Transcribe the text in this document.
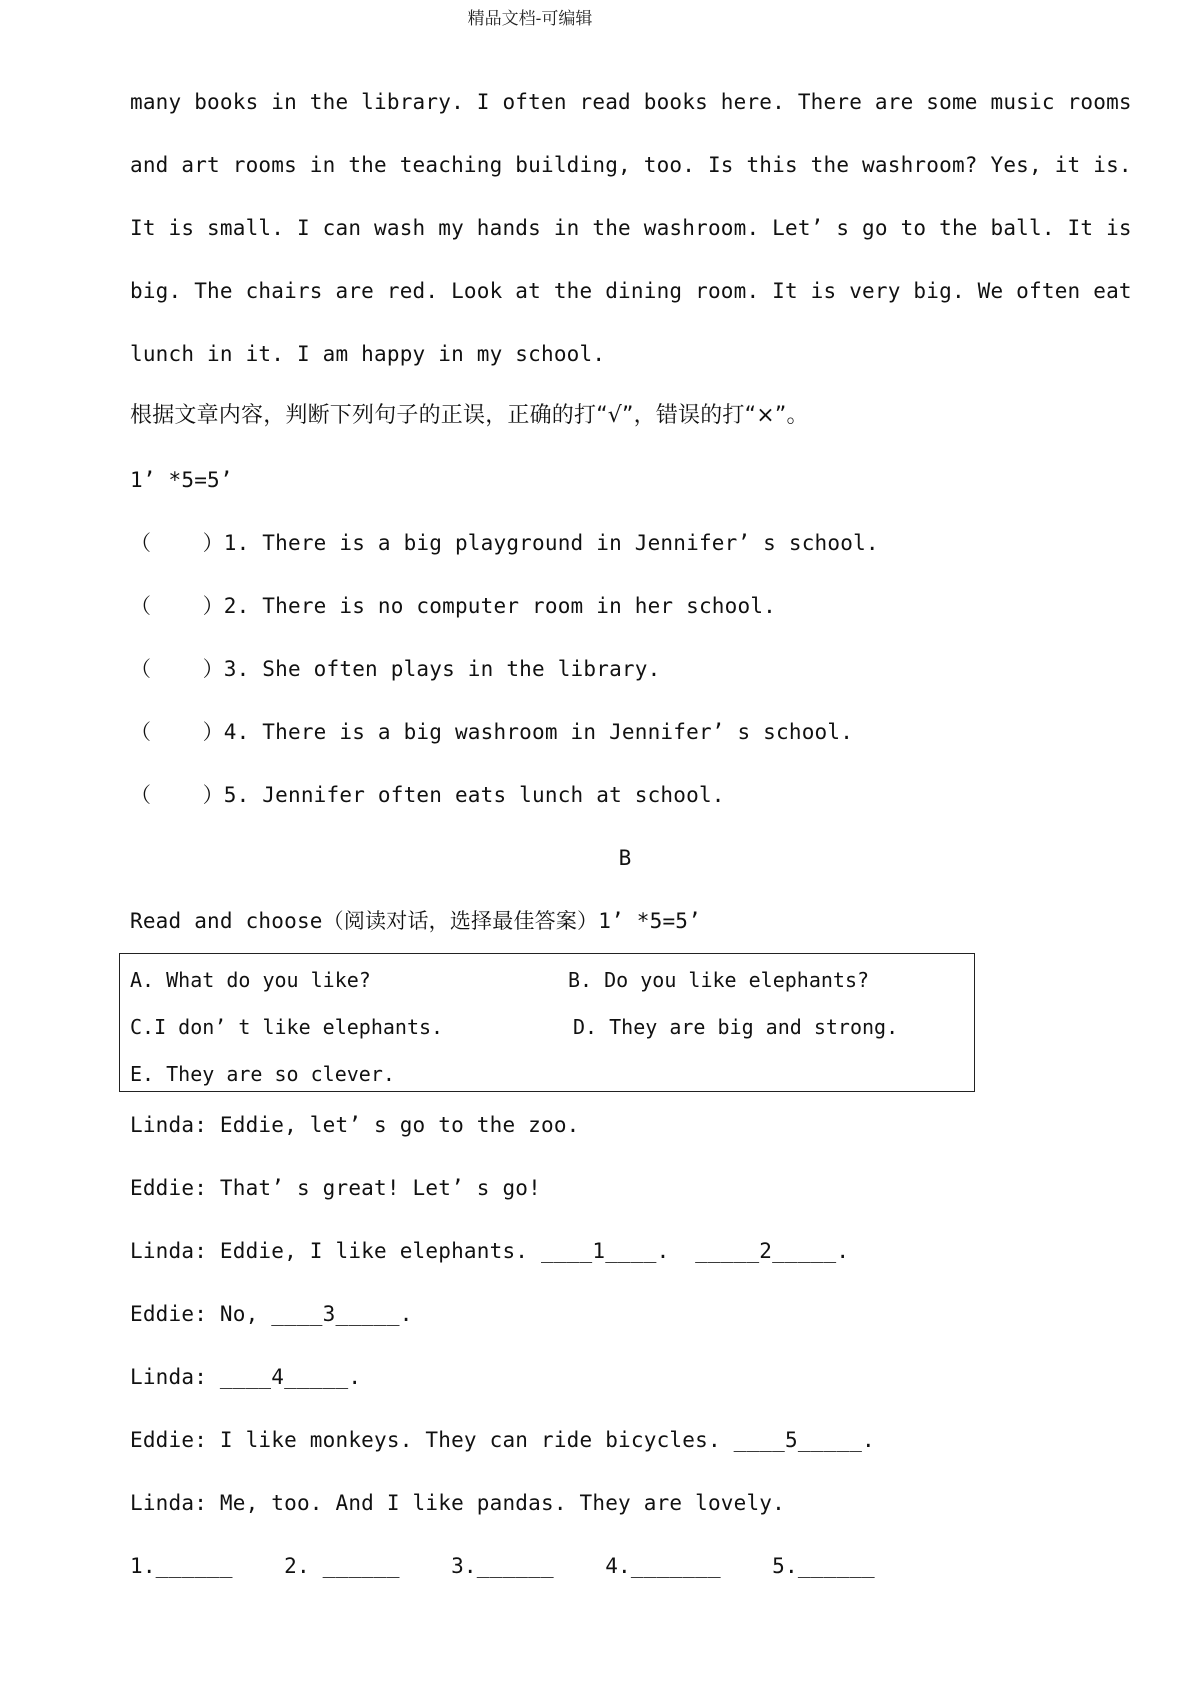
精品文档-可编辑
many books in the library. I often read books here. There are some music rooms
and art rooms in the teaching building, too. Is this the washroom? Yes, it is.
It is small. I can wash my hands in the washroom. Let’ s go to the ball. It is
big. The chairs are red. Look at the dining room. It is very big. We often eat
lunch in it. I am happy in my school.
根据文章内容，判断下列句子的正误，正确的打“√”，错误的打“×”。
1’ *5=5’
（    ）1. There is a big playground in Jennifer’ s school.
（    ）2. There is no computer room in her school.
（    ）3. She often plays in the library.
（    ）4. There is a big washroom in Jennifer’ s school.
（    ）5. Jennifer often eats lunch at school.
B
Read and choose（阅读对话，选择最佳答案）1’ *5=5’
A. What do you like?	B. Do you like elephants?
C.I don’ t like elephants.	D. They are big and strong.
E. They are so clever.
Linda: Eddie, let’ s go to the zoo.
Eddie: That’ s great! Let’ s go!
Linda: Eddie, I like elephants. ____1____.  _____2_____.
Eddie: No, ____3_____.
Linda: ____4_____.
Eddie: I like monkeys. They can ride bicycles. ____5_____.
Linda: Me, too. And I like pandas. They are lovely.
1.______    2. ______    3.______    4._______    5.______
